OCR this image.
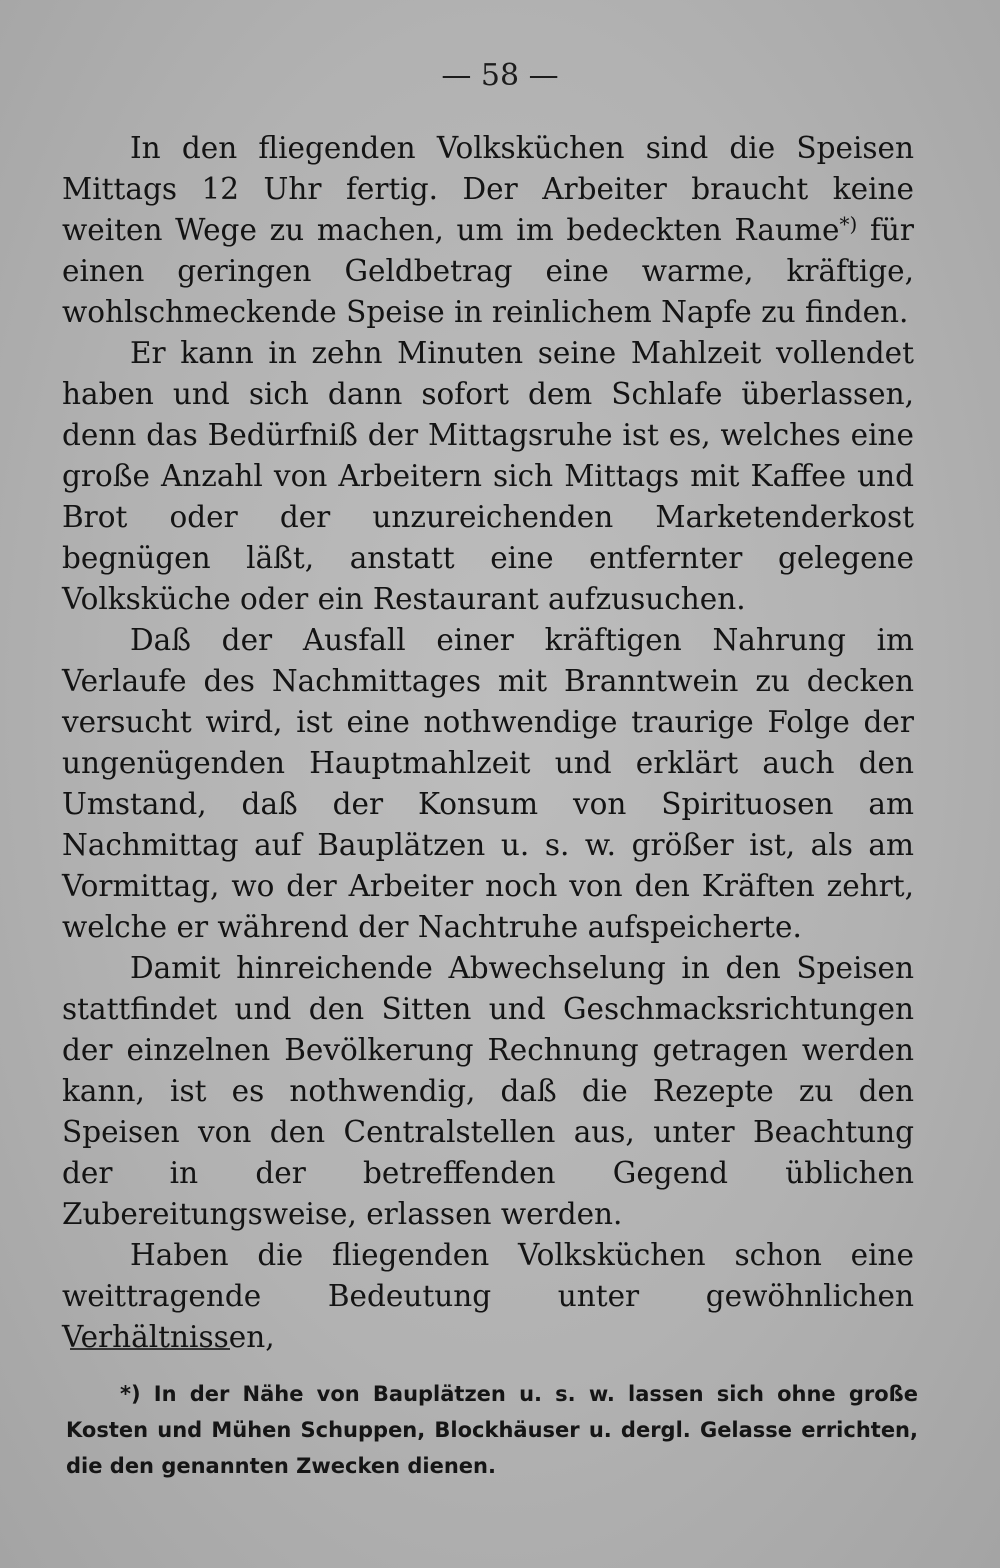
— 58 —

In den fliegenden Volksküchen sind die Speisen Mittags 12 Uhr fertig. Der Arbeiter braucht keine weiten Wege zu machen, um im bedeckten Raume*) für einen geringen Geldbetrag eine warme, kräftige, wohlschmeckende Speise in reinlichem Napfe zu finden.

Er kann in zehn Minuten seine Mahlzeit vollendet haben und sich dann sofort dem Schlafe überlassen, denn das Bedürfniß der Mittagsruhe ist es, welches eine große Anzahl von Arbeitern sich Mittags mit Kaffee und Brot oder der unzureichenden Marketenderkost begnügen läßt, anstatt eine entfernter gelegene Volksküche oder ein Restaurant aufzusuchen.

Daß der Ausfall einer kräftigen Nahrung im Verlaufe des Nachmittages mit Branntwein zu decken versucht wird, ist eine nothwendige traurige Folge der ungenügenden Hauptmahlzeit und erklärt auch den Umstand, daß der Konsum von Spirituosen am Nachmittag auf Bauplätzen u. s. w. größer ist, als am Vormittag, wo der Arbeiter noch von den Kräften zehrt, welche er während der Nachtruhe aufspeicherte.

Damit hinreichende Abwechselung in den Speisen stattfindet und den Sitten und Geschmacksrichtungen der einzelnen Bevölkerung Rechnung getragen werden kann, ist es nothwendig, daß die Rezepte zu den Speisen von den Centralstellen aus, unter Beachtung der in der betreffenden Gegend üblichen Zubereitungsweise, erlassen werden.

Haben die fliegenden Volksküchen schon eine weittragende Bedeutung unter gewöhnlichen Verhältnissen,

*) In der Nähe von Bauplätzen u. s. w. lassen sich ohne große Kosten und Mühen Schuppen, Blockhäuser u. dergl. Gelasse errichten, die den genannten Zwecken dienen.
